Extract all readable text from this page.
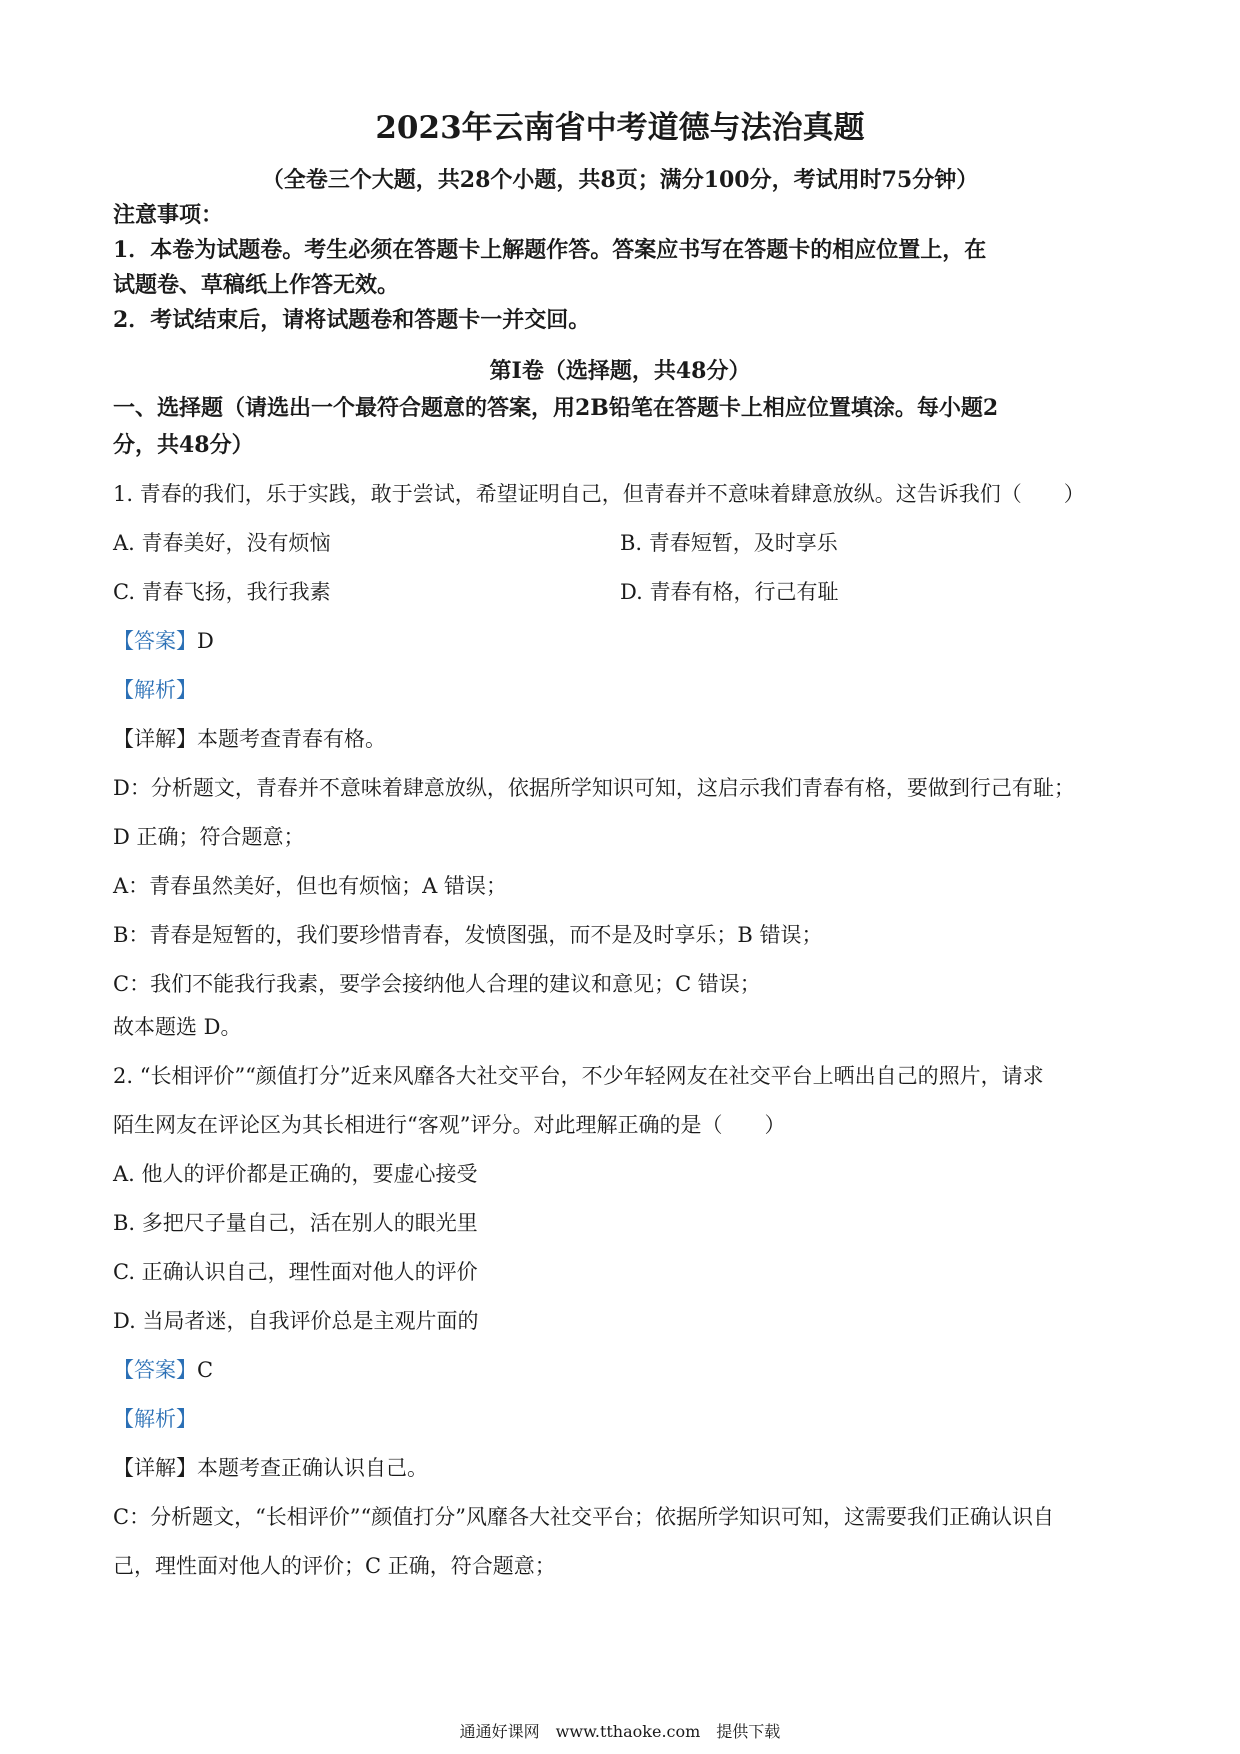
2023年云南省中考道德与法治真题
（全卷三个大题，共28个小题，共8页；满分100分，考试用时75分钟）
注意事项：
1．本卷为试题卷。考生必须在答题卡上解题作答。答案应书写在答题卡的相应位置上，在
试题卷、草稿纸上作答无效。
2．考试结束后，请将试题卷和答题卡一并交回。
第Ⅰ卷（选择题，共48分）
一、选择题（请选出一个最符合题意的答案，用2B铅笔在答题卡上相应位置填涂。每小题2
分，共48分）
1. 青春的我们，乐于实践，敢于尝试，希望证明自己，但青春并不意味着肆意放纵。这告诉我们（　　）
A. 青春美好，没有烦恼	B. 青春短暂，及时享乐
C. 青春飞扬，我行我素	D. 青春有格，行己有耻
【答案】D
【解析】
【详解】本题考查青春有格。
D：分析题文，青春并不意味着肆意放纵，依据所学知识可知，这启示我们青春有格，要做到行己有耻；
D 正确；符合题意；
A：青春虽然美好，但也有烦恼；A 错误；
B：青春是短暂的，我们要珍惜青春，发愤图强，而不是及时享乐；B 错误；
C：我们不能我行我素，要学会接纳他人合理的建议和意见；C 错误；
故本题选 D。
2. “长相评价”“颜值打分”近来风靡各大社交平台，不少年轻网友在社交平台上晒出自己的照片，请求
陌生网友在评论区为其长相进行“客观”评分。对此理解正确的是（　　）
A. 他人的评价都是正确的，要虚心接受
B. 多把尺子量自己，活在别人的眼光里
C. 正确认识自己，理性面对他人的评价
D. 当局者迷，自我评价总是主观片面的
【答案】C
【解析】
【详解】本题考查正确认识自己。
C：分析题文，“长相评价”“颜值打分”风靡各大社交平台；依据所学知识可知，这需要我们正确认识自
己，理性面对他人的评价；C 正确，符合题意；
通通好课网　www.tthaoke.com　提供下载
